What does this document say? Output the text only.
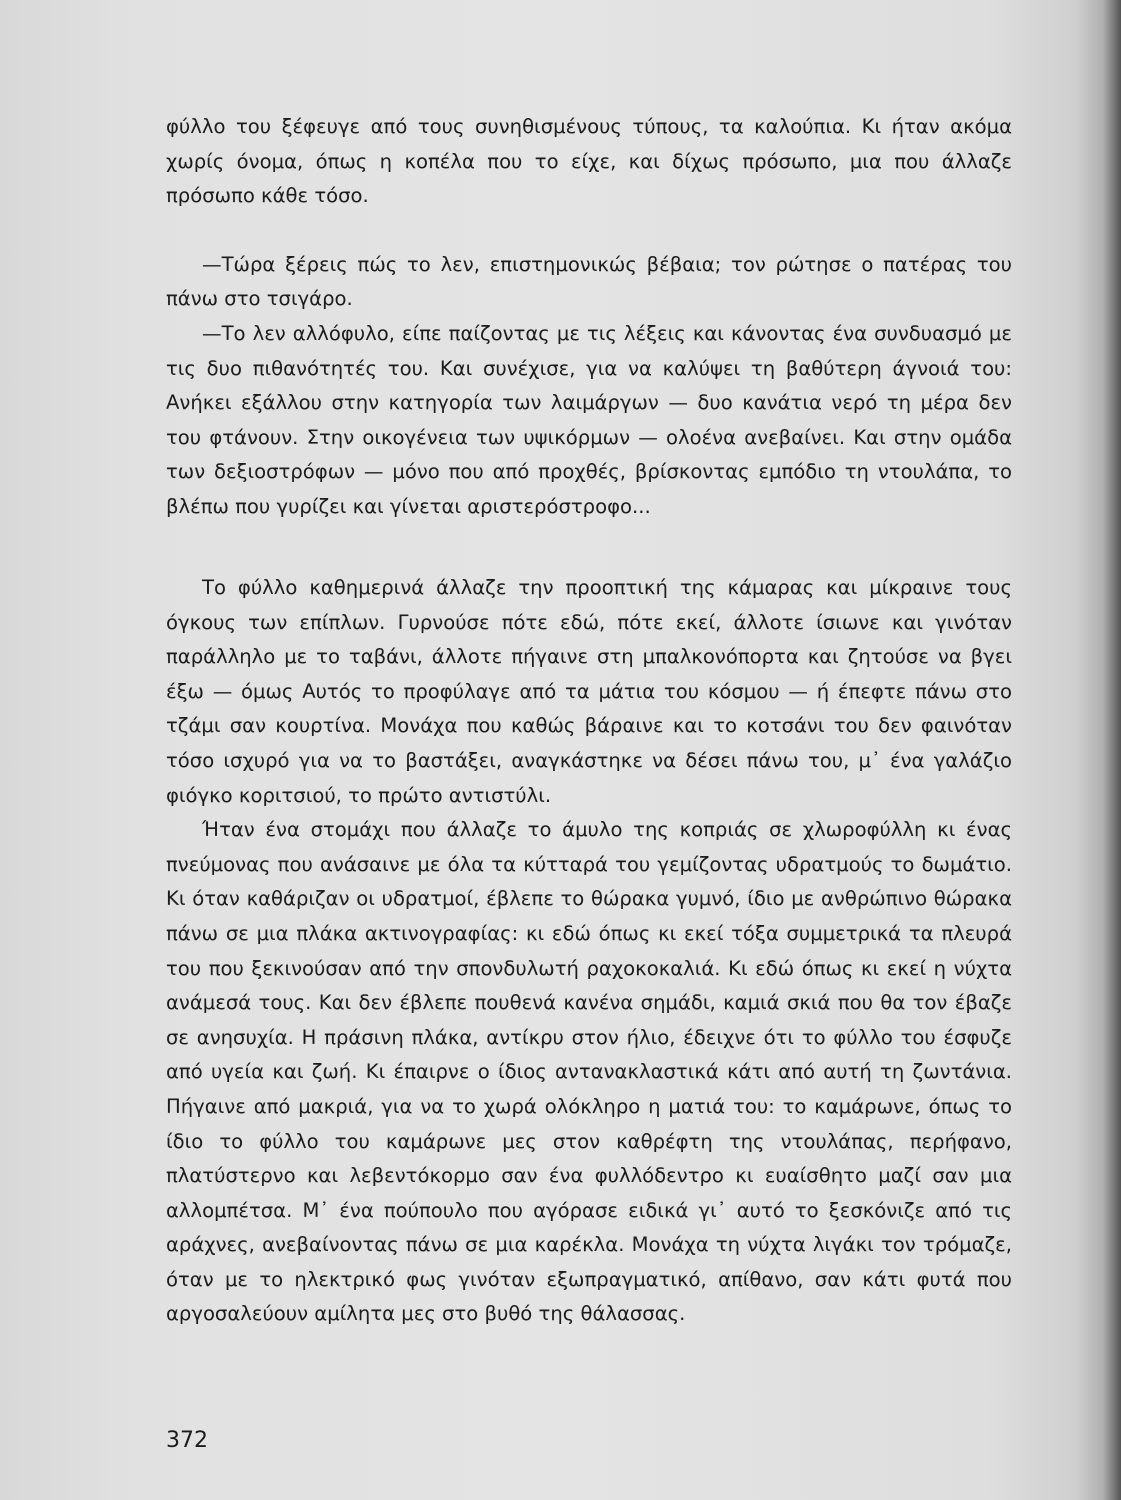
φύλλο του ξέφευγε από τους συνηθισμένους τύπους, τα καλούπια. Κι ήταν ακόμα χωρίς όνομα, όπως η κοπέλα που το είχε, και δίχως πρόσωπο, μια που άλλαζε πρόσωπο κάθε τόσο.

—Τώρα ξέρεις πώς το λεν, επιστημονικώς βέβαια; τον ρώτησε ο πατέρας του πάνω στο τσιγάρο.

—Το λεν αλλόφυλο, είπε παίζοντας με τις λέξεις και κάνοντας ένα συνδυασμό με τις δυο πιθανότητές του. Και συνέχισε, για να καλύψει τη βαθύτερη άγνοιά του: Ανήκει εξάλλου στην κατηγορία των λαιμάργων — δυο κανάτια νερό τη μέρα δεν του φτάνουν. Στην οικογένεια των υψικόρμων — ολοένα ανεβαίνει. Και στην ομάδα των δεξιοστρόφων — μόνο που από προχθές, βρίσκοντας εμπόδιο τη ντουλάπα, το βλέπω που γυρίζει και γίνεται αριστερόστροφο...

Το φύλλο καθημερινά άλλαζε την προοπτική της κάμαρας και μίκραινε τους όγκους των επίπλων. Γυρνούσε πότε εδώ, πότε εκεί, άλλοτε ίσιωνε και γινόταν παράλληλο με το ταβάνι, άλλοτε πήγαινε στη μπαλκονόπορτα και ζητούσε να βγει έξω — όμως Αυτός το προφύλαγε από τα μάτια του κόσμου — ή έπεφτε πάνω στο τζάμι σαν κουρτίνα. Μονάχα που καθώς βάραινε και το κοτσάνι του δεν φαινόταν τόσο ισχυρό για να το βαστάξει, αναγκάστηκε να δέσει πάνω του, μ᾽ ένα γαλάζιο φιόγκο κοριτσιού, το πρώτο αντιστύλι.

Ήταν ένα στομάχι που άλλαζε το άμυλο της κοπριάς σε χλωροφύλλη κι ένας πνεύμονας που ανάσαινε με όλα τα κύτταρά του γεμίζοντας υδρατμούς το δωμάτιο. Κι όταν καθάριζαν οι υδρατμοί, έβλεπε το θώρακα γυμνό, ίδιο με ανθρώπινο θώρακα πάνω σε μια πλάκα ακτινογραφίας: κι εδώ όπως κι εκεί τόξα συμμετρικά τα πλευρά του που ξεκινούσαν από την σπονδυλωτή ραχοκοκαλιά. Κι εδώ όπως κι εκεί η νύχτα ανάμεσά τους. Και δεν έβλεπε πουθενά κανένα σημάδι, καμιά σκιά που θα τον έβαζε σε ανησυχία. Η πράσινη πλάκα, αντίκρυ στον ήλιο, έδειχνε ότι το φύλλο του έσφυζε από υγεία και ζωή. Κι έπαιρνε ο ίδιος αντανακλαστικά κάτι από αυτή τη ζωντάνια. Πήγαινε από μακριά, για να το χωρά ολόκληρο η ματιά του: το καμάρωνε, όπως το ίδιο το φύλλο του καμάρωνε μες στον καθρέφτη της ντουλάπας, περήφανο, πλατύστερνο και λεβεντόκορμο σαν ένα φυλλόδεντρο κι ευαίσθητο μαζί σαν μια αλλομπέτσα. Μ᾽ ένα πούπουλο που αγόρασε ειδικά γι᾽ αυτό το ξεσκόνιζε από τις αράχνες, ανεβαίνοντας πάνω σε μια καρέκλα. Μονάχα τη νύχτα λιγάκι τον τρόμαζε, όταν με το ηλεκτρικό φως γινόταν εξωπραγματικό, απίθανο, σαν κάτι φυτά που αργοσαλεύουν αμίλητα μες στο βυθό της θάλασσας.

372
